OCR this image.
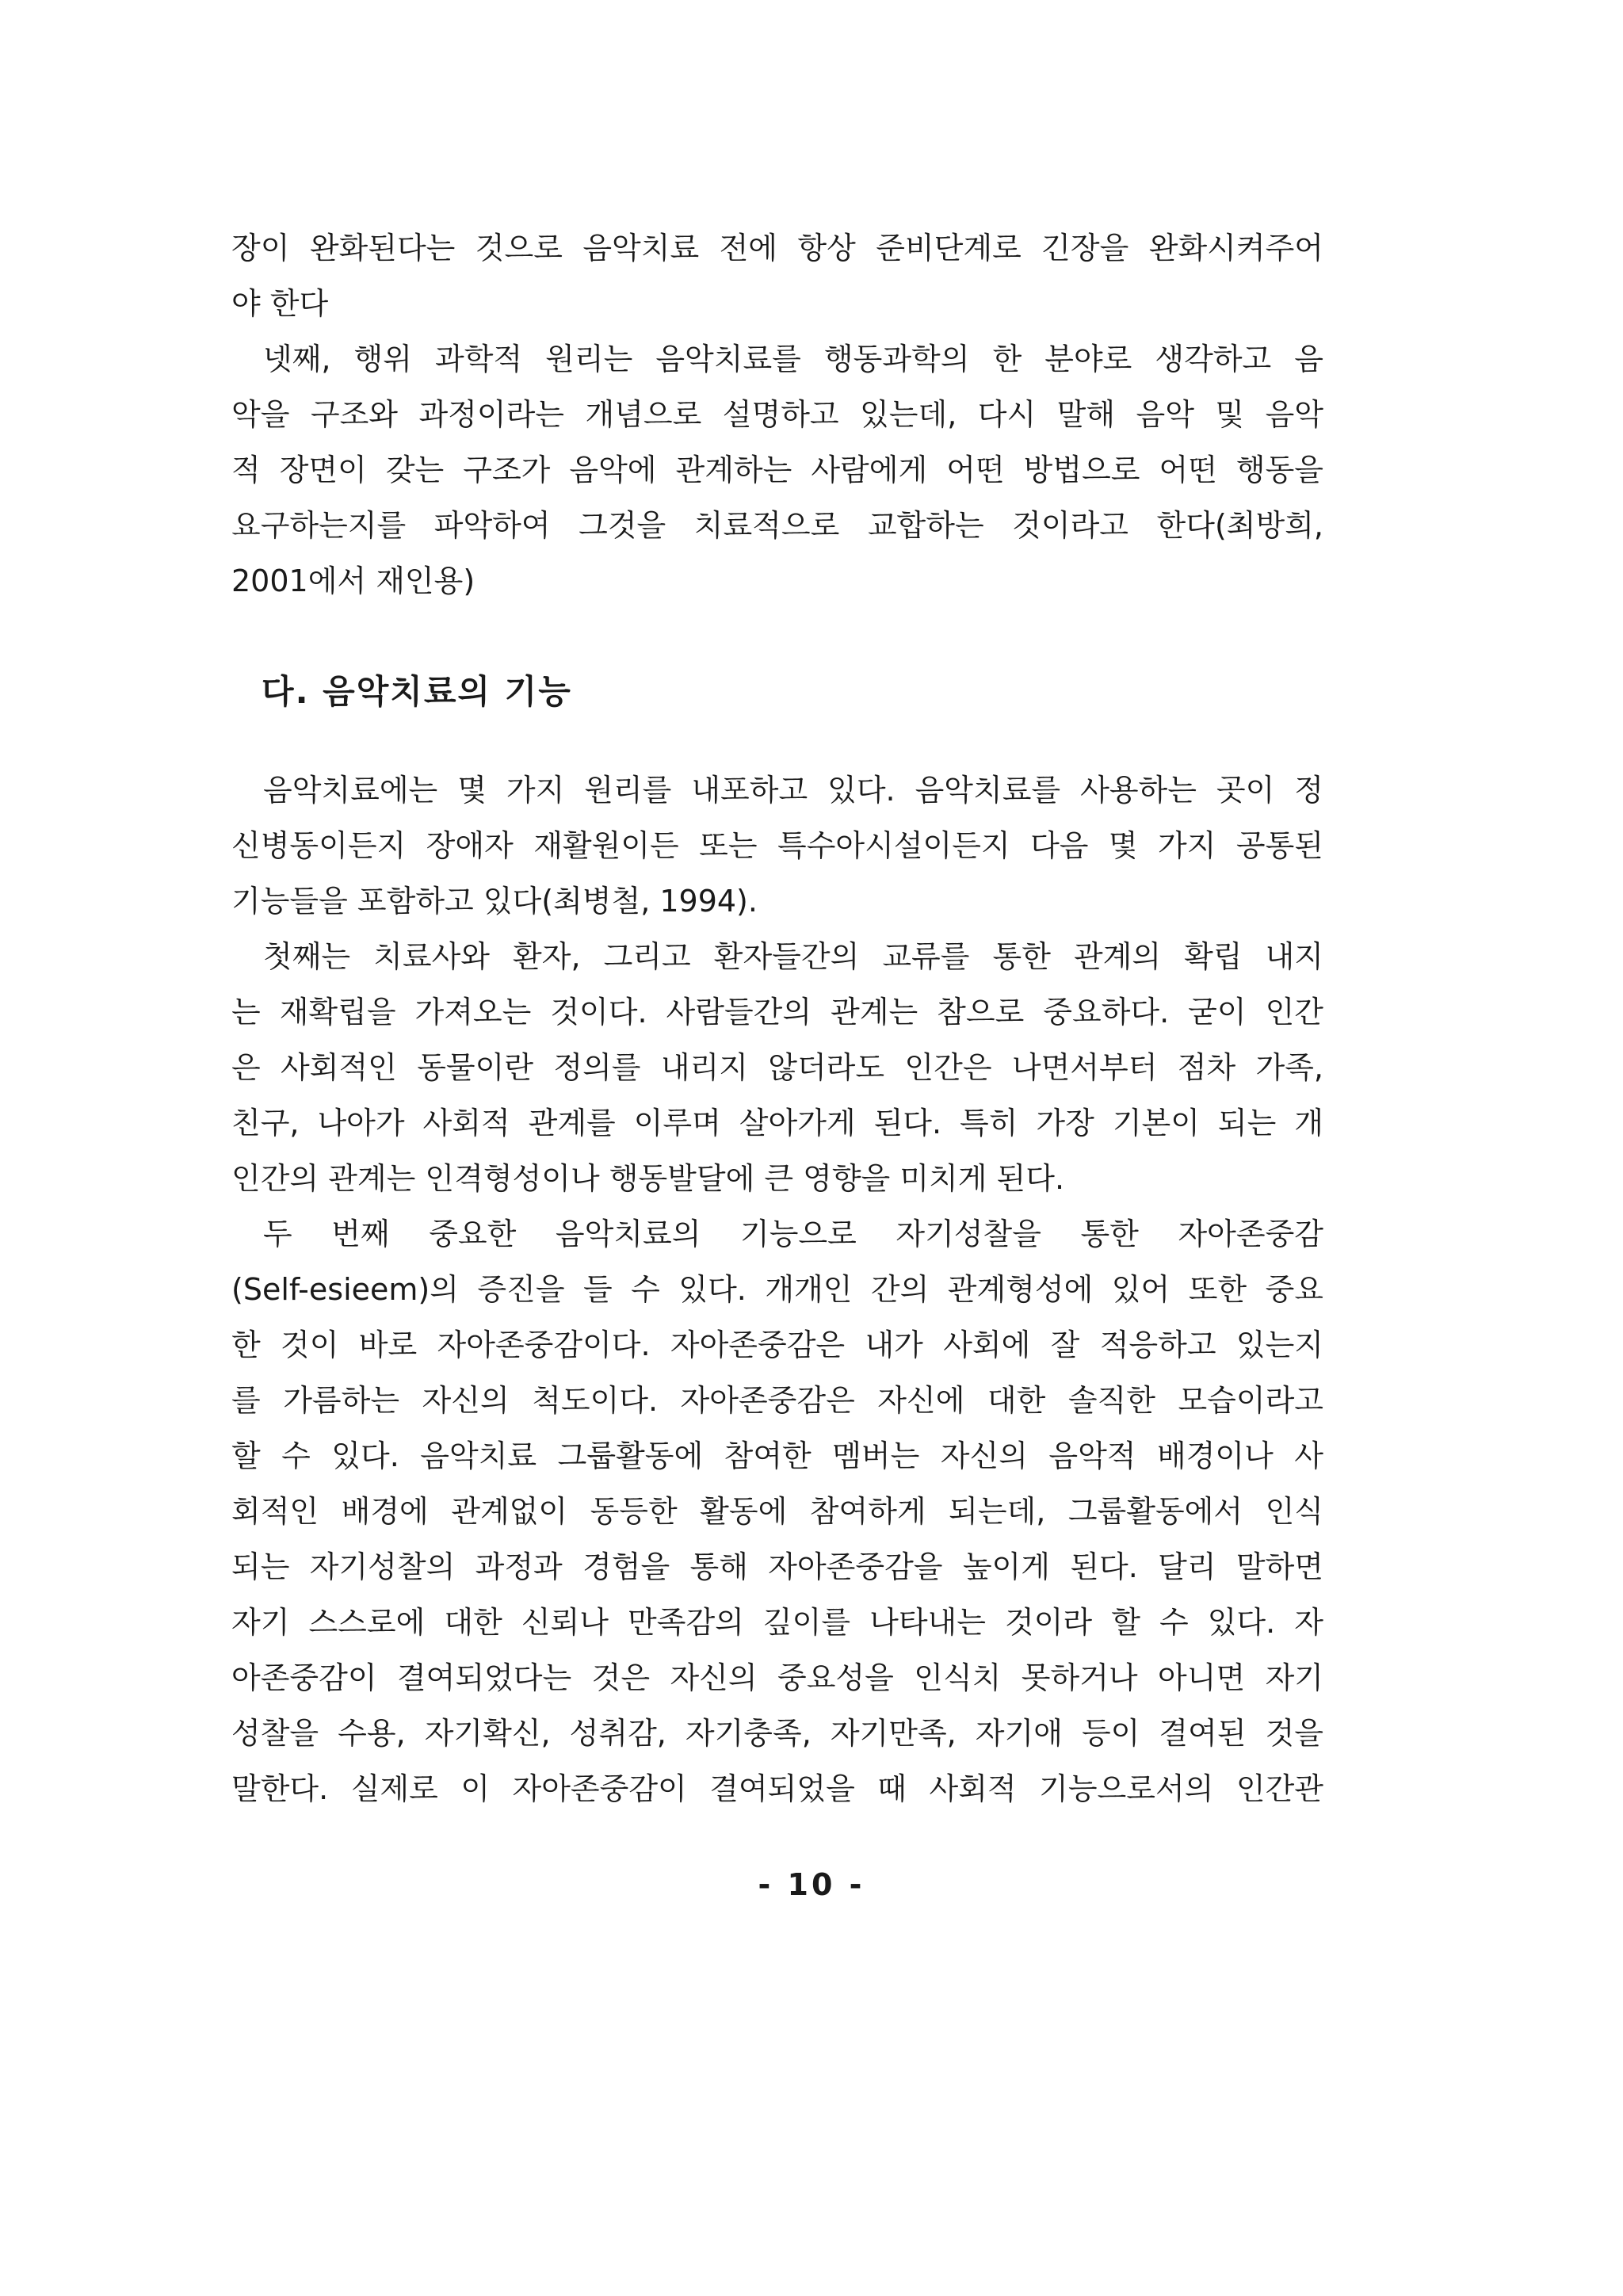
장이 완화된다는 것으로 음악치료 전에 항상 준비단계로 긴장을 완화시켜주어
야 한다
넷째, 행위 과학적 원리는 음악치료를 행동과학의 한 분야로 생각하고 음
악을 구조와 과정이라는 개념으로 설명하고 있는데, 다시 말해 음악 및 음악
적 장면이 갖는 구조가 음악에 관계하는 사람에게 어떤 방법으로 어떤 행동을
요구하는지를 파악하여 그것을 치료적으로 교합하는 것이라고 한다(최방희,
2001에서 재인용)
다. 음악치료의 기능
음악치료에는 몇 가지 원리를 내포하고 있다. 음악치료를 사용하는 곳이 정
신병동이든지 장애자 재활원이든 또는 특수아시설이든지 다음 몇 가지 공통된
기능들을 포함하고 있다(최병철, 1994).
첫째는 치료사와 환자, 그리고 환자들간의 교류를 통한 관계의 확립 내지
는 재확립을 가져오는 것이다. 사람들간의 관계는 참으로 중요하다. 굳이 인간
은 사회적인 동물이란 정의를 내리지 않더라도 인간은 나면서부터 점차 가족,
친구, 나아가 사회적 관계를 이루며 살아가게 된다. 특히 가장 기본이 되는 개
인간의 관계는 인격형성이나 행동발달에 큰 영향을 미치게 된다.
두 번째 중요한 음악치료의 기능으로 자기성찰을 통한 자아존중감
(Self-esieem)의 증진을 들 수 있다. 개개인 간의 관계형성에 있어 또한 중요
한 것이 바로 자아존중감이다. 자아존중감은 내가 사회에 잘 적응하고 있는지
를 가름하는 자신의 척도이다. 자아존중감은 자신에 대한 솔직한 모습이라고
할 수 있다. 음악치료 그룹활동에 참여한 멤버는 자신의 음악적 배경이나 사
회적인 배경에 관계없이 동등한 활동에 참여하게 되는데, 그룹활동에서 인식
되는 자기성찰의 과정과 경험을 통해 자아존중감을 높이게 된다. 달리 말하면
자기 스스로에 대한 신뢰나 만족감의 깊이를 나타내는 것이라 할 수 있다. 자
아존중감이 결여되었다는 것은 자신의 중요성을 인식치 못하거나 아니면 자기
성찰을 수용, 자기확신, 성취감, 자기충족, 자기만족, 자기애 등이 결여된 것을
말한다. 실제로 이 자아존중감이 결여되었을 때 사회적 기능으로서의 인간관
- 10 -
